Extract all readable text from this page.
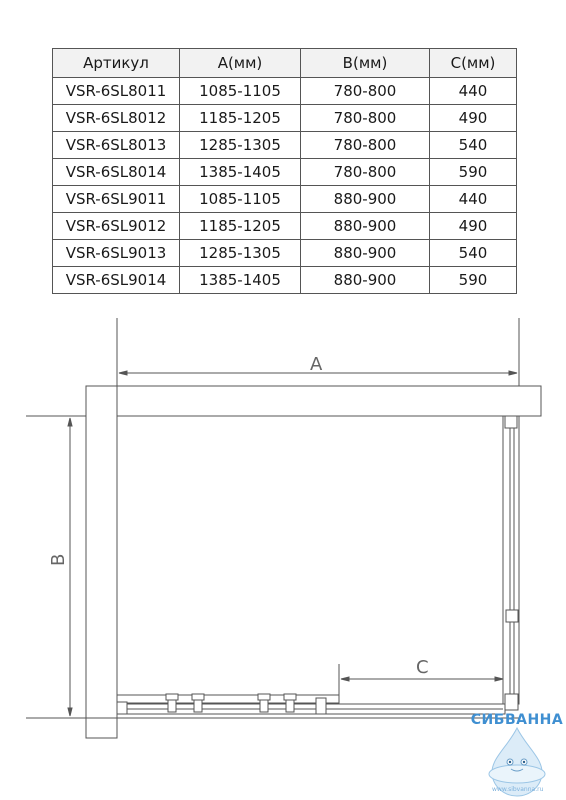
Артикул	A(мм)	B(мм)	C(мм)
VSR-6SL8011	1085-1105	780-800	440
VSR-6SL8012	1185-1205	780-800	490
VSR-6SL8013	1285-1305	780-800	540
VSR-6SL8014	1385-1405	780-800	590
VSR-6SL9011	1085-1105	880-900	440
VSR-6SL9012	1185-1205	880-900	490
VSR-6SL9013	1285-1305	880-900	540
VSR-6SL9014	1385-1405	880-900	590
A
B
C
СИБВАННА
www.sibvanna.ru
